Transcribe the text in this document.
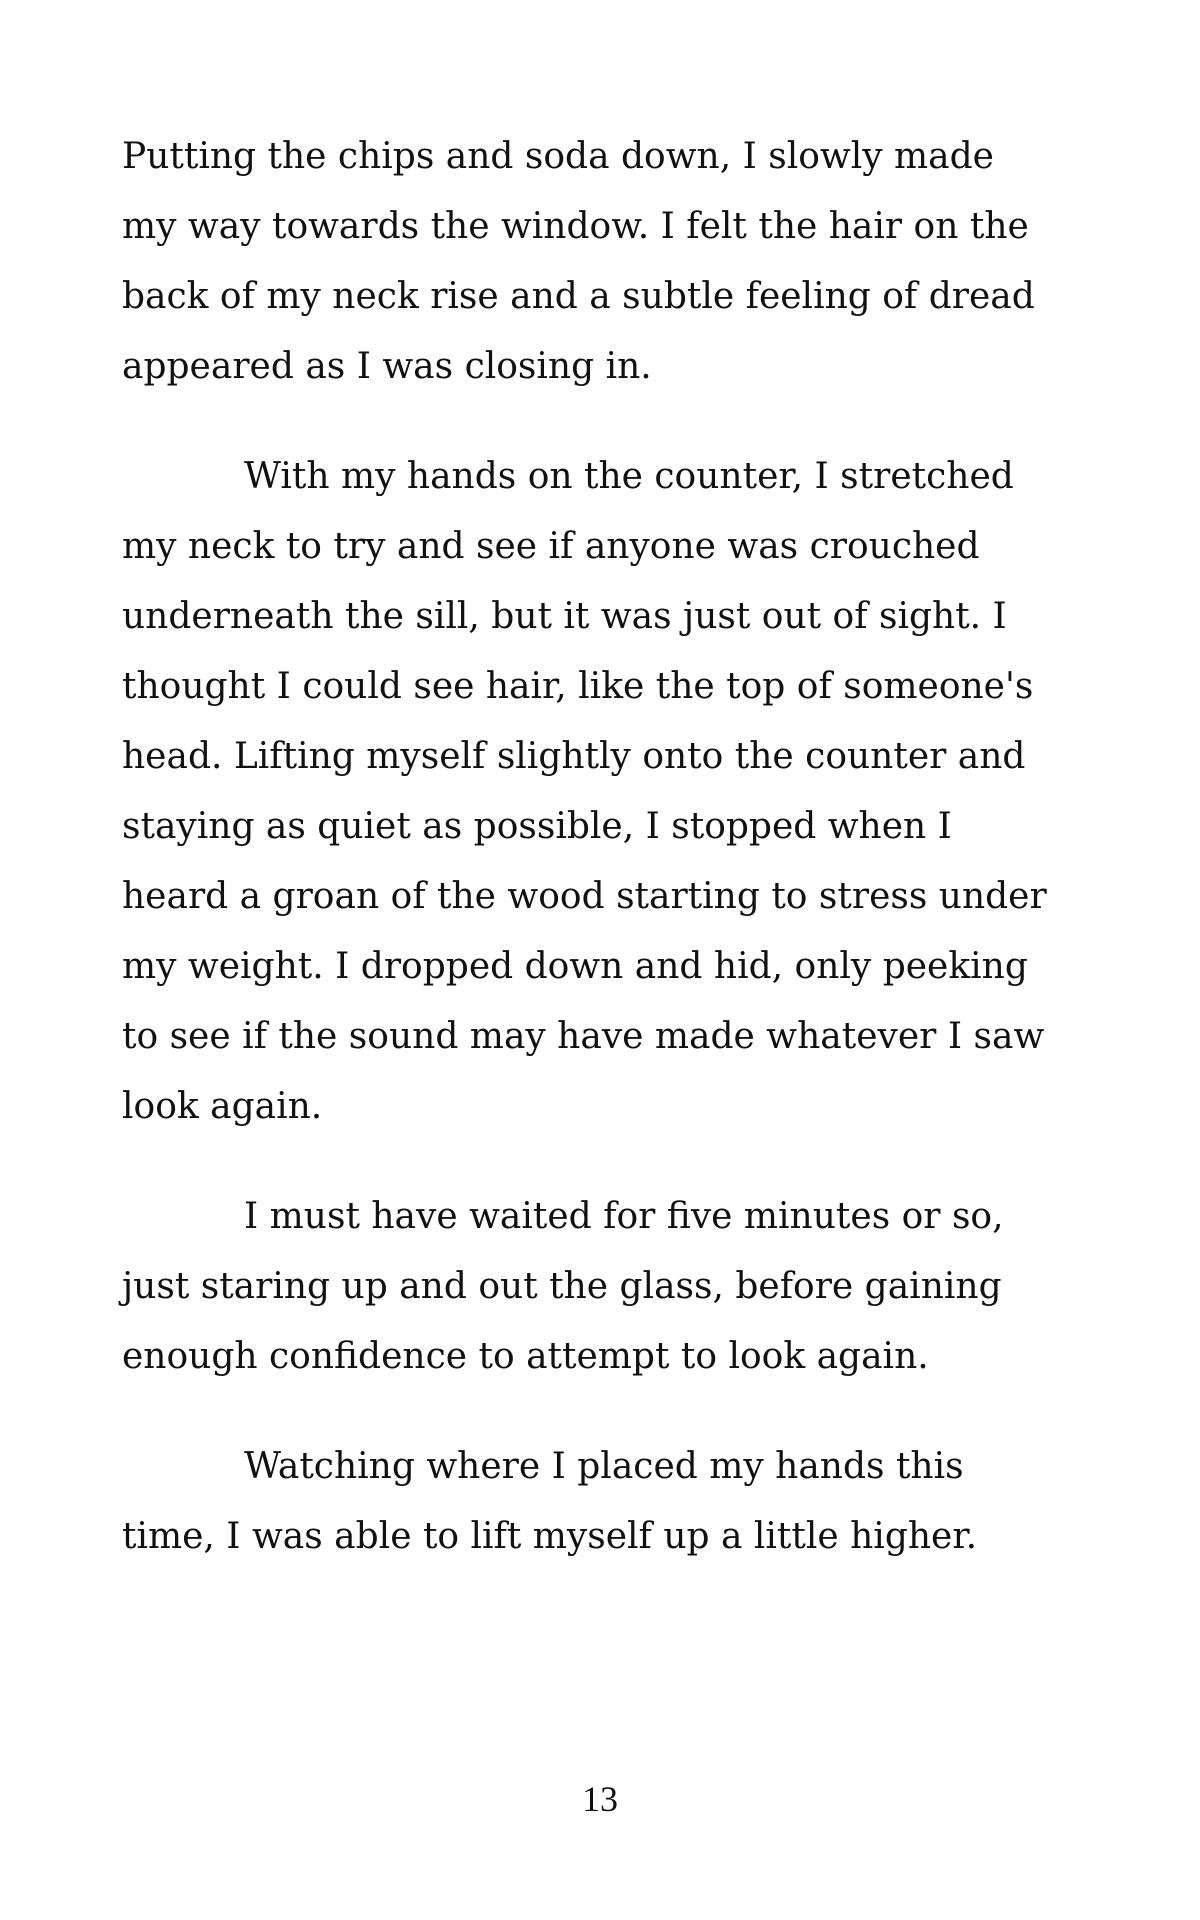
Putting the chips and soda down, I slowly made
my way towards the window. I felt the hair on the
back of my neck rise and a subtle feeling of dread
appeared as I was closing in.

With my hands on the counter, I stretched
my neck to try and see if anyone was crouched
underneath the sill, but it was just out of sight. I
thought I could see hair, like the top of someone's
head. Lifting myself slightly onto the counter and
staying as quiet as possible, I stopped when I
heard a groan of the wood starting to stress under
my weight. I dropped down and hid, only peeking
to see if the sound may have made whatever I saw
look again.

I must have waited for five minutes or so,
just staring up and out the glass, before gaining
enough confidence to attempt to look again.

Watching where I placed my hands this
time, I was able to lift myself up a little higher.

13
